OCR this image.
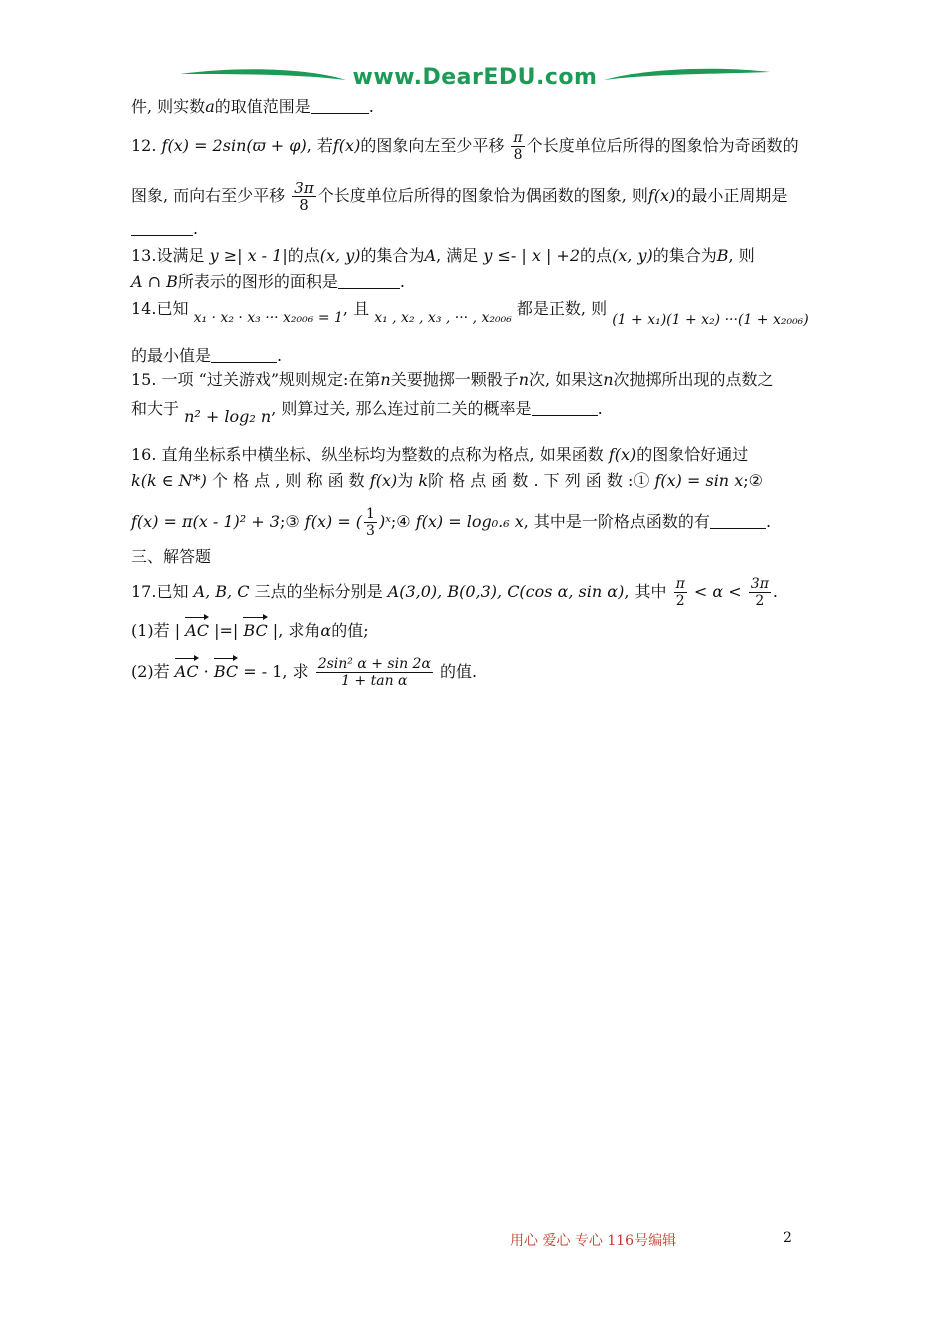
www.DearEDU.com
件, 则实数a的取值范围是	.
12. f(x) = 2sin(ϖ + φ), 若f(x)的图象向左至少平移 $\frac{\pi}{8}$ 个长度单位后所得的图象恰为奇函数的
图象, 而向右至少平移 $\frac{3\pi}{8}$ 个长度单位后所得的图象恰为偶函数的图象, 则f(x)的最小正周期是
.
13.设满足 y ≥| x - 1|的点(x, y)的集合为A, 满足 y ≤- | x | +2的点(x, y)的集合为B, 则
A ∩ B所表示的图形的面积是	.
14.已知 x₁ · x₂ · x₃ ··· x₂₀₀₆ = 1, 且 x₁ , x₂ , x₃ , ··· , x₂₀₀₆ 都是正数, 则 (1 + x₁)(1 + x₂) ···(1 + x₂₀₀₆)
的最小值是	.
15. 一项 “过关游戏”规则规定:在第n关要抛掷一颗骰子n次, 如果这n次抛掷所出现的点数之
和大于 n² + log₂ n, 则算过关, 那么连过前二关的概率是	.
16. 直角坐标系中横坐标、纵坐标均为整数的点称为格点, 如果函数 f(x)的图象恰好通过
k(k ∈ N*) 个 格 点 , 则 称 函 数 f(x)为 k阶 格 点 函 数 . 下 列 函 数 :① f(x) = sin x;②
f(x) = π(x - 1)² + 3;③ f(x) = ( $\frac{1}{3}$ )ˣ;④ f(x) = log₀.₆ x, 其中是一阶格点函数的有	.
三、解答题
17.已知 A, B, C 三点的坐标分别是 A(3,0), B(0,3), C(cos α, sin α), 其中 $\frac{\pi}{2} < \alpha < \frac{3\pi}{2}$ .
(1)若 | AC |=| BC |, 求角α的值;
(2)若 AC · BC = - 1, 求 $\frac{\text{2sin² α + sin 2α}}{\text{1 + tan α}}$ 的值.
用心 爱心 专心 116号编辑	2
